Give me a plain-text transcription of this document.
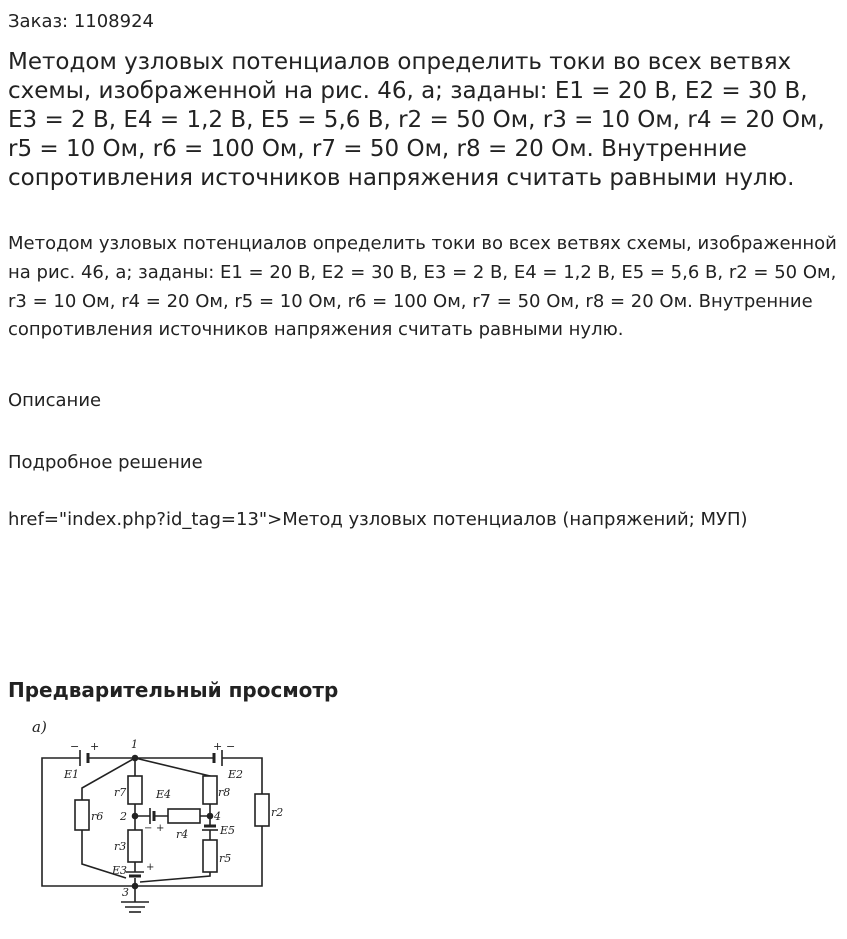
Заказ: 1108924
Методом узловых потенциалов определить токи во всех ветвях схемы, изображенной на рис. 46, а; заданы: E1 = 20 В, E2 = 30 В, E3 = 2 В, E4 = 1,2 В, E5 = 5,6 В, r2 = 50 Ом, r3 = 10 Ом, r4 = 20 Ом, r5 = 10 Ом, r6 = 100 Ом, r7 = 50 Ом, r8 = 20 Ом. Внутренние сопротивления источников напряжения считать равными нулю.

Методом узловых потенциалов определить токи во всех ветвях схемы, изображенной на рис. 46, а; заданы: E1 = 20 В, E2 = 30 В, E3 = 2 В, E4 = 1,2 В, E5 = 5,6 В, r2 = 50 Ом, r3 = 10 Ом, r4 = 20 Ом, r5 = 10 Ом, r6 = 100 Ом, r7 = 50 Ом, r8 = 20 Ом. Внутренние сопротивления источников напряжения считать равными нулю.

Описание
Подробное решение
href="index.php?id_tag=13">Метод узловых потенциалов (напряжений; МУП)
Предварительный просмотр
а)
− +
E1
+ −
E2
1
r6	r2
r7
2
r8
E4
− + r4
4
E5
r5
r3
E3 +
3
